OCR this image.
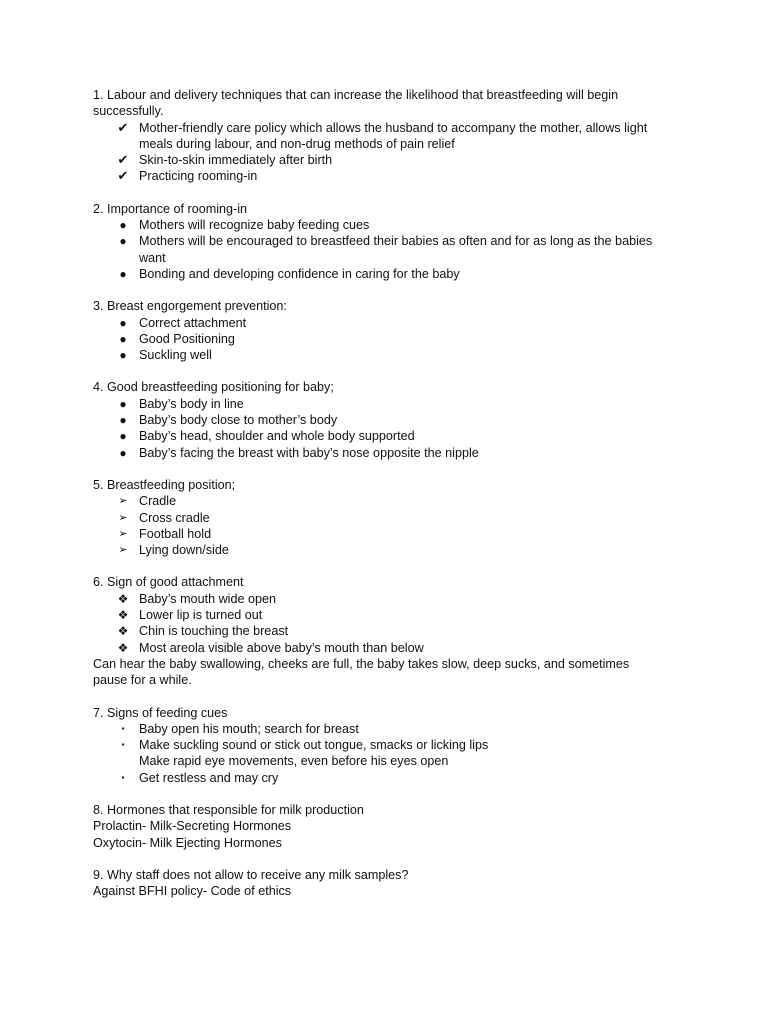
1. Labour and delivery techniques that can increase the likelihood that breastfeeding will begin successfully.
✔ Mother-friendly care policy which allows the husband to accompany the mother, allows light meals during labour, and non-drug methods of pain relief
✔ Skin-to-skin immediately after birth
✔ Practicing rooming-in
2. Importance of rooming-in
● Mothers will recognize baby feeding cues
● Mothers will be encouraged to breastfeed their babies as often and for as long as the babies want
● Bonding and developing confidence in caring for the baby
3. Breast engorgement prevention:
● Correct attachment
● Good Positioning
● Suckling well
4. Good breastfeeding positioning for baby;
● Baby’s body in line
● Baby’s body close to mother’s body
● Baby’s head, shoulder and whole body supported
● Baby’s facing the breast with baby’s nose opposite the nipple
5. Breastfeeding position;
➢ Cradle
➢ Cross cradle
➢ Football hold
➢ Lying down/side
6. Sign of good attachment
❖ Baby’s mouth wide open
❖ Lower lip is turned out
❖ Chin is touching the breast
❖ Most areola visible above baby’s mouth than below
Can hear the baby swallowing, cheeks are full, the baby takes slow, deep sucks, and sometimes pause for a while.
7. Signs of feeding cues
▪	Baby open his mouth; search for breast
▪	Make suckling sound or stick out tongue, smacks or licking lips
Make rapid eye movements, even before his eyes open
▪	Get restless and may cry
8. Hormones that responsible for milk production
Prolactin- Milk-Secreting Hormones
Oxytocin- Milk Ejecting Hormones
9. Why staff does not allow to receive any milk samples?
Against BFHI policy- Code of ethics
